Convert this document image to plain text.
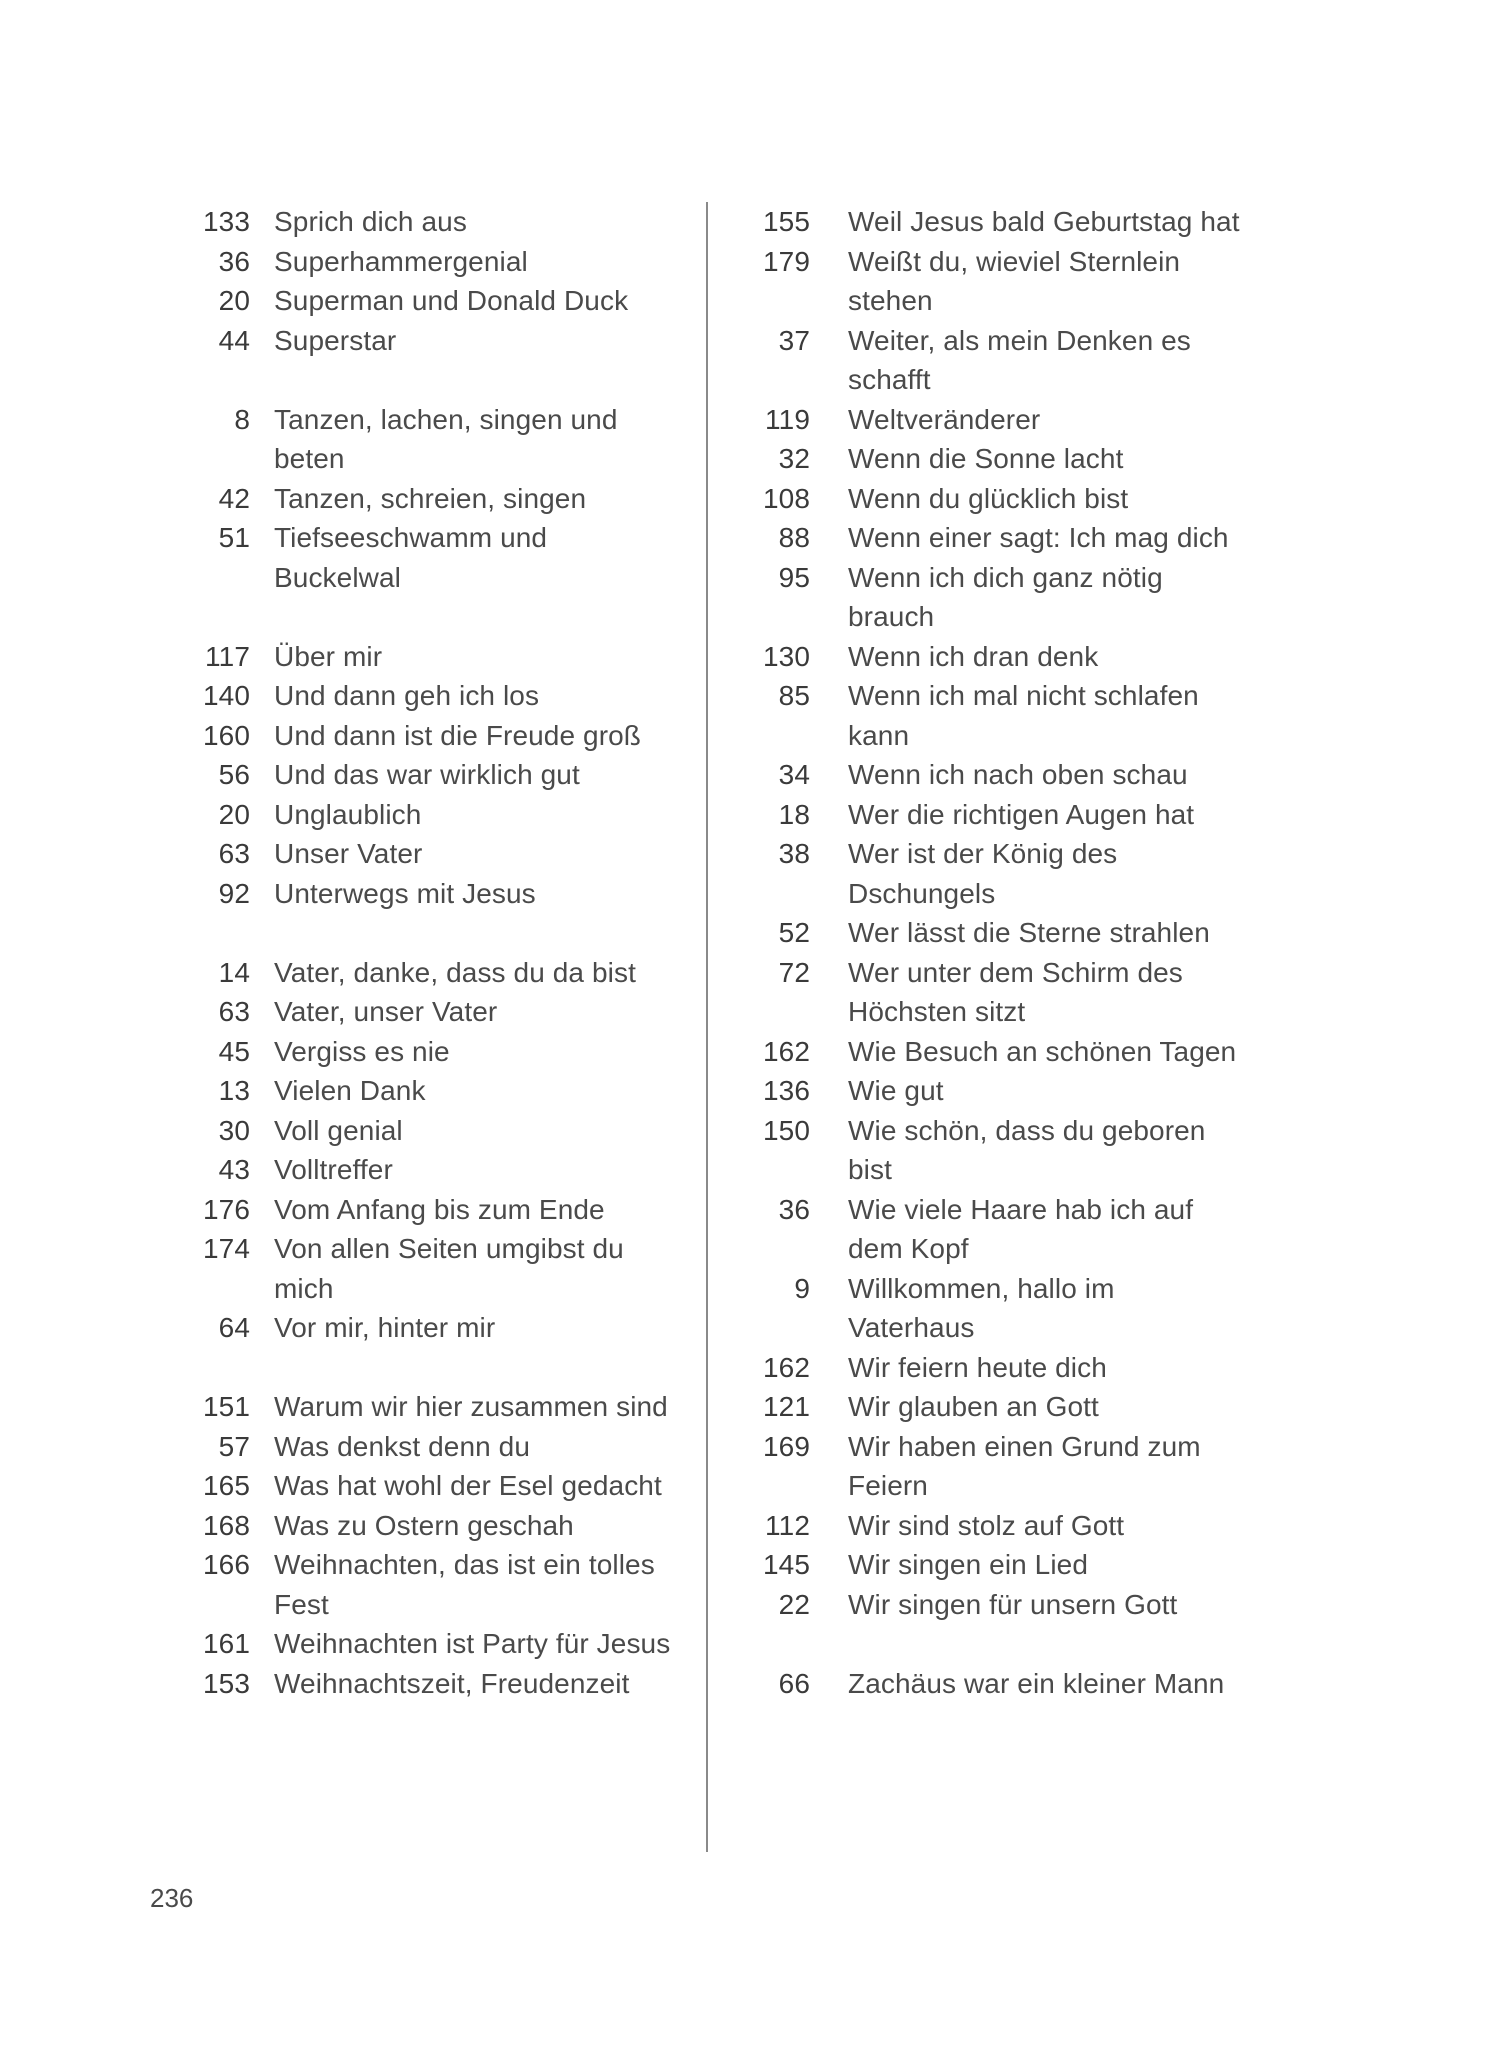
133 Sprich dich aus
36 Superhammergenial
20 Superman und Donald Duck
44 Superstar
8 Tanzen, lachen, singen und beten
42 Tanzen, schreien, singen
51 Tiefseeschwamm und Buckelwal
117 Über mir
140 Und dann geh ich los
160 Und dann ist die Freude groß
56 Und das war wirklich gut
20 Unglaublich
63 Unser Vater
92 Unterwegs mit Jesus
14 Vater, danke, dass du da bist
63 Vater, unser Vater
45 Vergiss es nie
13 Vielen Dank
30 Voll genial
43 Volltreffer
176 Vom Anfang bis zum Ende
174 Von allen Seiten umgibst du mich
64 Vor mir, hinter mir
151 Warum wir hier zusammen sind
57 Was denkst denn du
165 Was hat wohl der Esel gedacht
168 Was zu Ostern geschah
166 Weihnachten, das ist ein tolles Fest
161 Weihnachten ist Party für Jesus
153 Weihnachtszeit, Freudenzeit
155 Weil Jesus bald Geburtstag hat
179 Weißt du, wieviel Sternlein stehen
37 Weiter, als mein Denken es schafft
119 Weltveränderer
32 Wenn die Sonne lacht
108 Wenn du glücklich bist
88 Wenn einer sagt: Ich mag dich
95 Wenn ich dich ganz nötig brauch
130 Wenn ich dran denk
85 Wenn ich mal nicht schlafen kann
34 Wenn ich nach oben schau
18 Wer die richtigen Augen hat
38 Wer ist der König des Dschungels
52 Wer lässt die Sterne strahlen
72 Wer unter dem Schirm des Höchsten sitzt
162 Wie Besuch an schönen Tagen
136 Wie gut
150 Wie schön, dass du geboren bist
36 Wie viele Haare hab ich auf dem Kopf
9 Willkommen, hallo im Vaterhaus
162 Wir feiern heute dich
121 Wir glauben an Gott
169 Wir haben einen Grund zum Feiern
112 Wir sind stolz auf Gott
145 Wir singen ein Lied
22 Wir singen für unsern Gott
66 Zachäus war ein kleiner Mann
236
